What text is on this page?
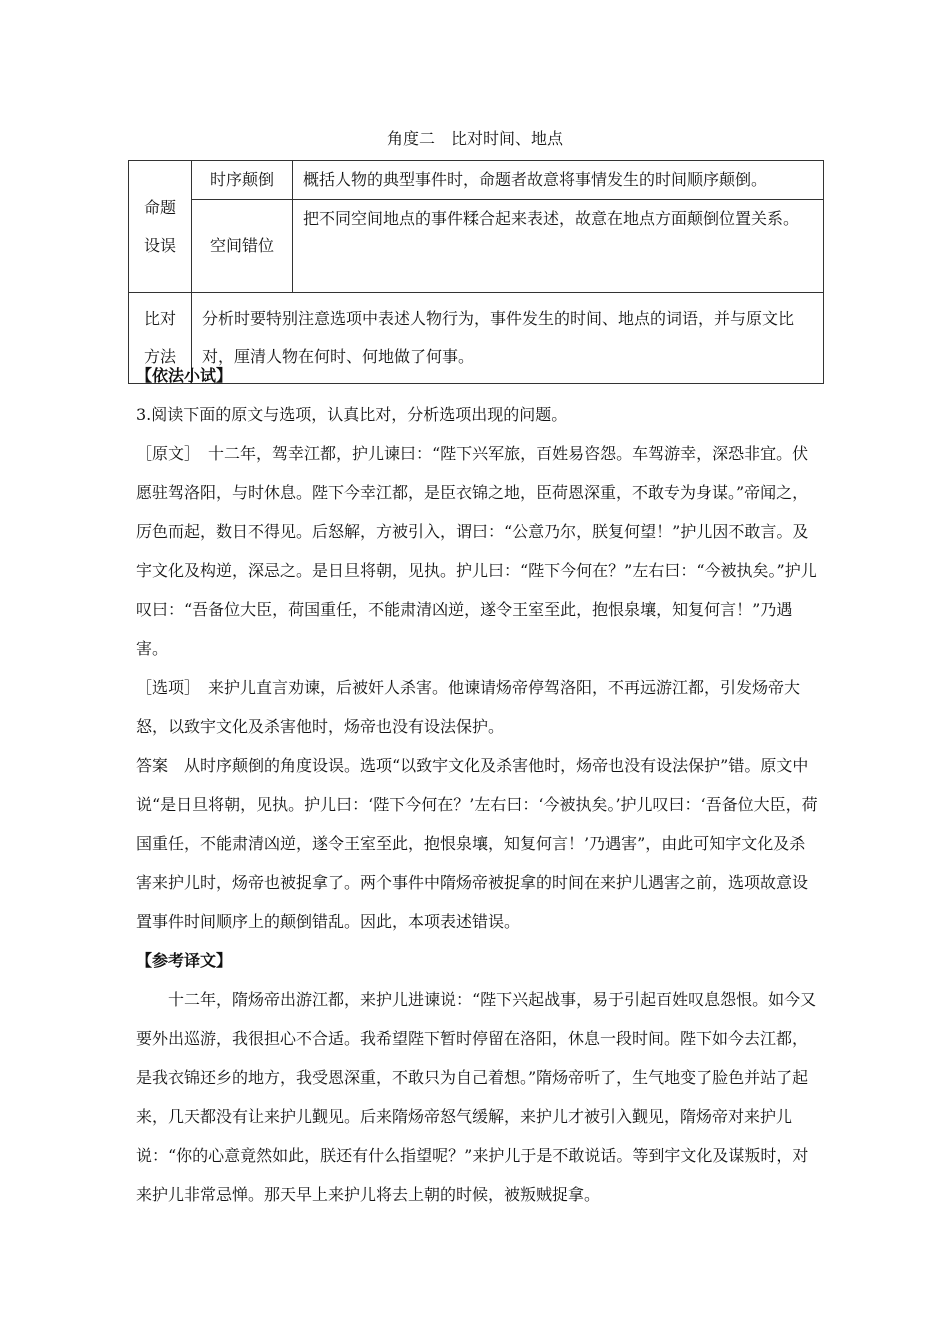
角度二　比对时间、地点
命题
设误	时序颠倒	概括人物的典型事件时，命题者故意将事情发生的时间顺序颠倒。
	空间错位	把不同空间地点的事件糅合起来表述，故意在地点方面颠倒位置关系。

比对
方法	分析时要特别注意选项中表述人物行为，事件发生的时间、地点的词语，并与原文比对，厘清人物在何时、何地做了何事。	

【依法小试】

3.阅读下面的原文与选项，认真比对，分析选项出现的问题。

［原文］　十二年，驾幸江都，护儿谏曰：“陛下兴军旅，百姓易咨怨。车驾游幸，深恐非宜。伏愿驻驾洛阳，与时休息。陛下今幸江都，是臣衣锦之地，臣荷恩深重，不敢专为身谋。”帝闻之，厉色而起，数日不得见。后怒解，方被引入，谓曰：“公意乃尔，朕复何望！”护儿因不敢言。及宇文化及构逆，深忌之。是日旦将朝，见执。护儿曰：“陛下今何在？”左右曰：“今被执矣。”护儿叹曰：“吾备位大臣，荷国重任，不能肃清凶逆，遂令王室至此，抱恨泉壤，知复何言！”乃遇害。

［选项］　来护儿直言劝谏，后被奸人杀害。他谏请炀帝停驾洛阳，不再远游江都，引发炀帝大怒，以致宇文化及杀害他时，炀帝也没有设法保护。

答案　从时序颠倒的角度设误。选项“以致宇文化及杀害他时，炀帝也没有设法保护”错。原文中说“是日旦将朝，见执。护儿曰：‘陛下今何在？’左右曰：‘今被执矣。’护儿叹曰：‘吾备位大臣，荷国重任，不能肃清凶逆，遂令王室至此，抱恨泉壤，知复何言！’乃遇害”，由此可知宇文化及杀害来护儿时，炀帝也被捉拿了。两个事件中隋炀帝被捉拿的时间在来护儿遇害之前，选项故意设置事件时间顺序上的颠倒错乱。因此，本项表述错误。

【参考译文】

十二年，隋炀帝出游江都，来护儿进谏说：“陛下兴起战事，易于引起百姓叹息怨恨。如今又要外出巡游，我很担心不合适。我希望陛下暂时停留在洛阳，休息一段时间。陛下如今去江都，是我衣锦还乡的地方，我受恩深重，不敢只为自己着想。”隋炀帝听了，生气地变了脸色并站了起来，几天都没有让来护儿觐见。后来隋炀帝怒气缓解，来护儿才被引入觐见，隋炀帝对来护儿说：“你的心意竟然如此，朕还有什么指望呢？”来护儿于是不敢说话。等到宇文化及谋叛时，对来护儿非常忌惮。那天早上来护儿将去上朝的时候，被叛贼捉拿。
